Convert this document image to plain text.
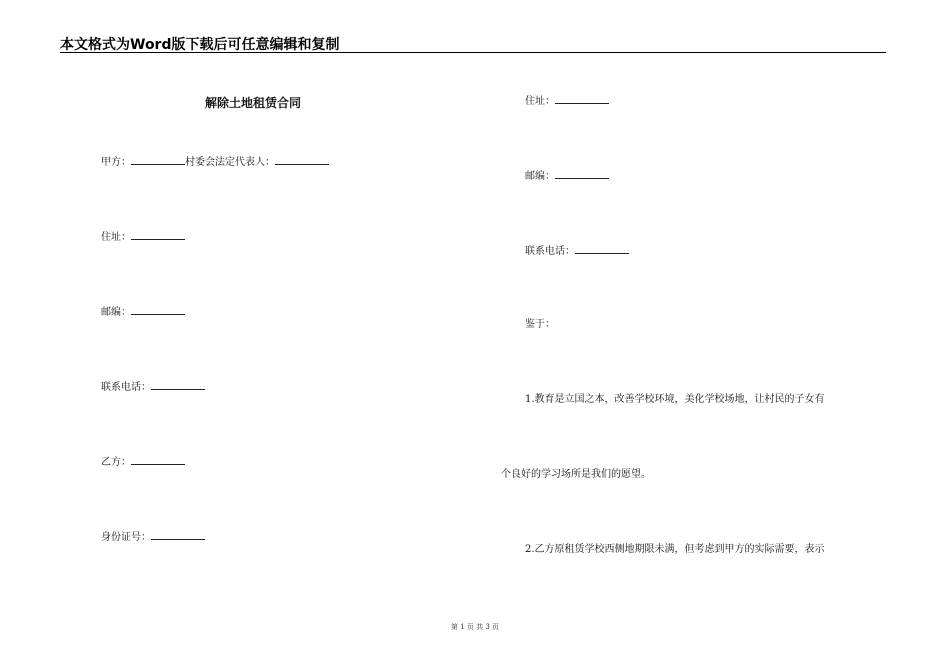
本文格式为Word版下载后可任意编辑和复制
解除土地租赁合同
甲方：	村委会法定代表人：
住址：
邮编：
联系电话：
乙方：
身份证号：
住址：
邮编：
联系电话：
鉴于：
1.教育是立国之本，改善学校环境，美化学校场地，让村民的子女有
个良好的学习场所是我们的愿望。
2.乙方原租赁学校西侧地期限未满，但考虑到甲方的实际需要，表示
第 1 页 共 3 页
